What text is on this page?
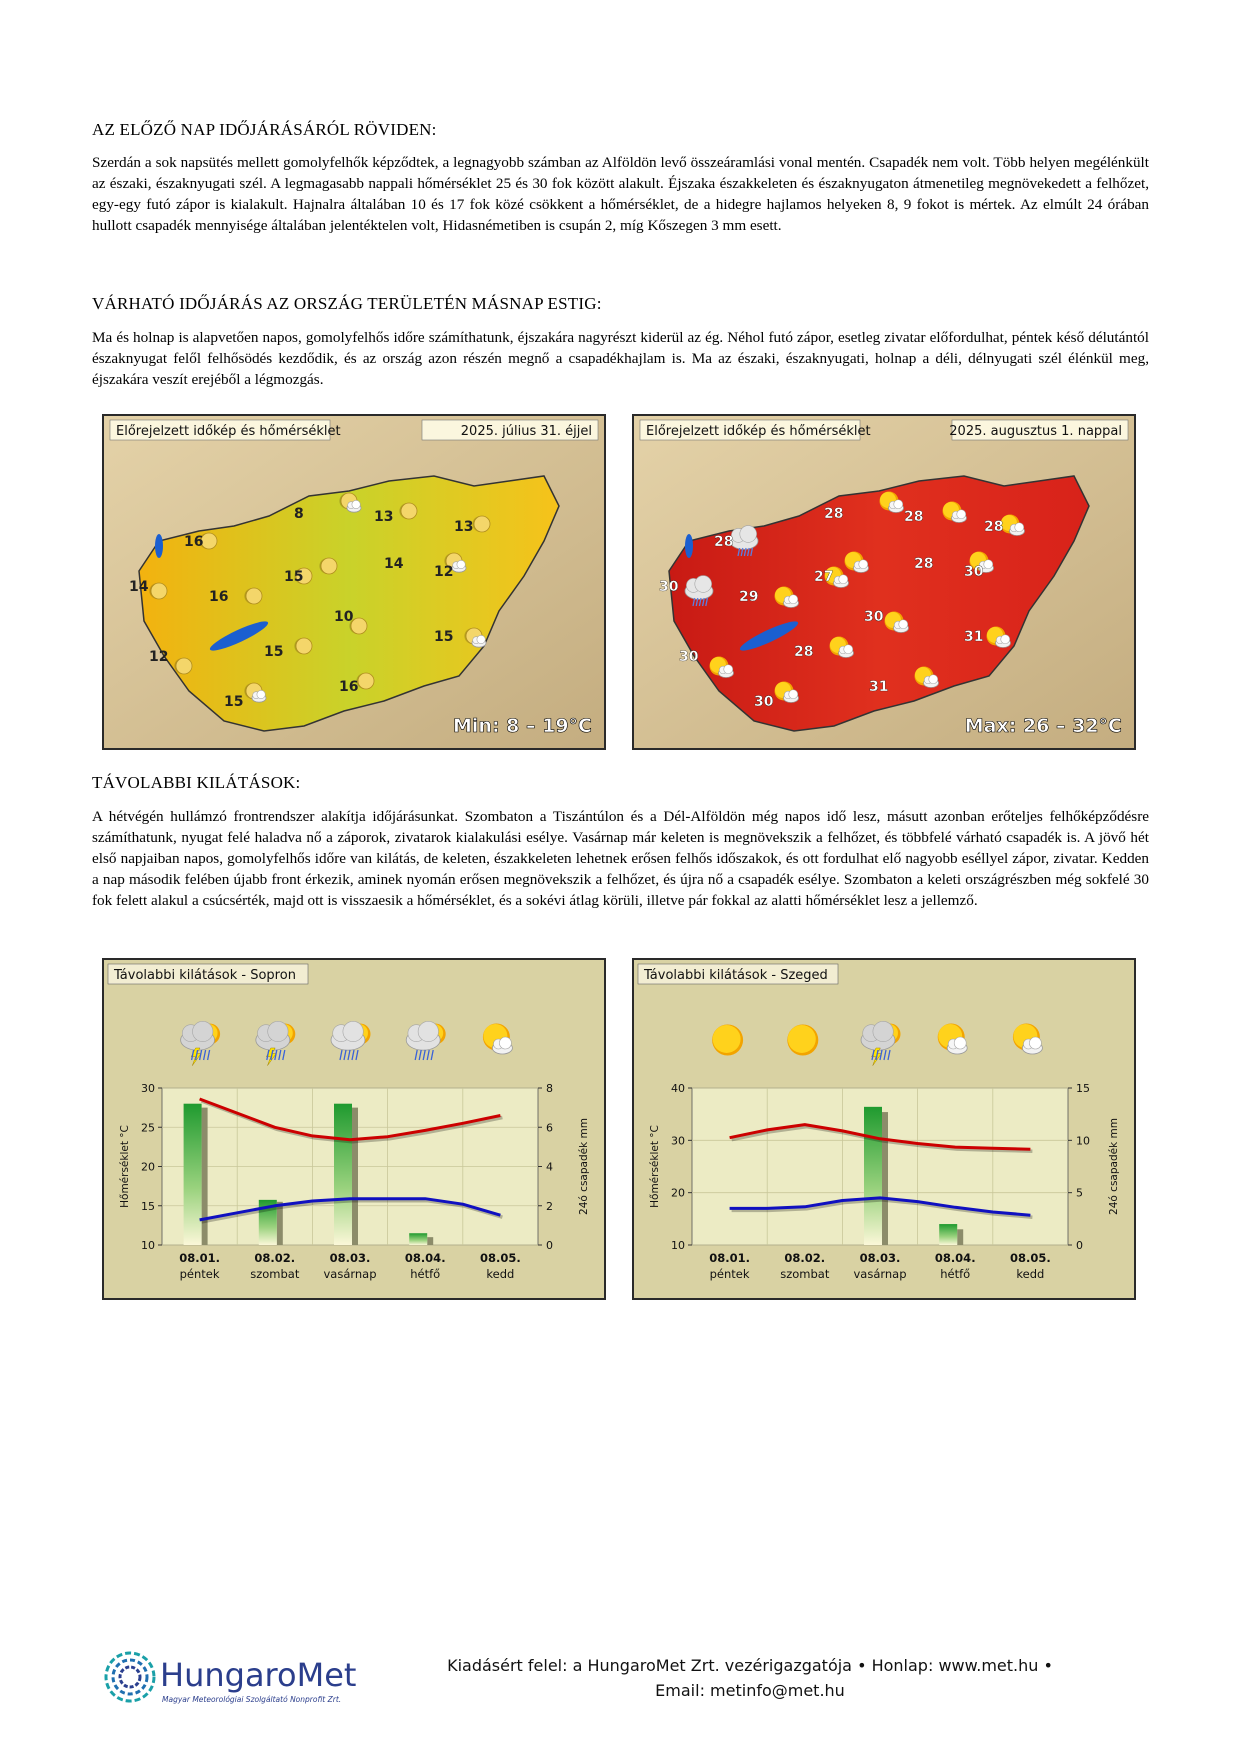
AZ ELŐZŐ NAP IDŐJÁRÁSÁRÓL RÖVIDEN:
Szerdán a sok napsütés mellett gomolyfelhők képződtek, a legnagyobb számban az Alföldön levő összeáramlási vonal mentén. Csapadék nem volt. Több helyen megélénkült az északi, északnyugati szél. A legmagasabb nappali hőmérséklet 25 és 30 fok között alakult. Éjszaka északkeleten és északnyugaton átmenetileg megnövekedett a felhőzet, egy-egy futó zápor is kialakult. Hajnalra általában 10 és 17 fok közé csökkent a hőmérséklet, de a hidegre hajlamos helyeken 8, 9 fokot is mértek. Az elmúlt 24 órában hullott csapadék mennyisége általában jelentéktelen volt, Hidasnémetiben is csupán 2, míg Kőszegen 3 mm esett.
VÁRHATÓ IDŐJÁRÁS AZ ORSZÁG TERÜLETÉN MÁSNAP ESTIG:
Ma és holnap is alapvetően napos, gomolyfelhős időre számíthatunk, éjszakára nagyrészt kiderül az ég. Néhol futó zápor, esetleg zivatar előfordulhat, péntek késő délutántól északnyugat felől felhősödés kezdődik, és az ország azon részén megnő a csapadékhajlam is. Ma az északi, északnyugati, holnap a déli, délnyugati szél élénkül meg, éjszakára veszít erejéből a légmozgás.
16
8	13
13
14
12
14
16
15
10
15
12	15
16
15
Előrejelzett időkép és hőmérséklet	2025. július 31. éjjel
Min: 8 – 19°C
28
28	28
28
30
30
28
29
27
30
31
30	28
31
30
Előrejelzett időkép és hőmérséklet	2025. augusztus 1. nappal
Max: 26 – 32°C
TÁVOLABBI KILÁTÁSOK:
A hétvégén hullámzó frontrendszer alakítja időjárásunkat. Szombaton a Tiszántúlon és a Dél-Alföldön még napos idő lesz, másutt azonban erőteljes felhőképződésre számíthatunk, nyugat felé haladva nő a záporok, zivatarok kialakulási esélye. Vasárnap már keleten is megnövekszik a felhőzet, és többfelé várható csapadék is. A jövő hét első napjaiban napos, gomolyfelhős időre van kilátás, de keleten, északkeleten lehetnek erősen felhős időszakok, és ott fordulhat elő nagyobb eséllyel zápor, zivatar. Kedden a nap második felében újabb front érkezik, aminek nyomán erősen megnövekszik a felhőzet, és újra nő a csapadék esélye. Szombaton a keleti országrészben még sokfelé 30 fok felett alakul a csúcsérték, majd ott is visszaesik a hőmérséklet, és a sokévi átlag körüli, illetve pár fokkal az alatti hőmérséklet lesz a jellemző.
Távolabbi kilátások - Sopron
10
15
20
25
30
0
2
4
6
8
Hőmérséklet °C	24ó csapadék mm
08.01.
péntek
08.02.
szombat
08.03.
vasárnap
08.04.
hétfő
08.05.
kedd
Távolabbi kilátások - Szeged
10
20
30
40
0
5
10
15
Hőmérséklet °C	24ó csapadék mm
08.01.
péntek
08.02.
szombat
08.03.
vasárnap
08.04.
hétfő
08.05.
kedd
HungaroMet
Magyar Meteorológiai Szolgáltató Nonprofit Zrt.
Kiadásért felel: a HungaroMet Zrt. vezérigazgatója • Honlap: www.met.hu •
Email: metinfo@met.hu
